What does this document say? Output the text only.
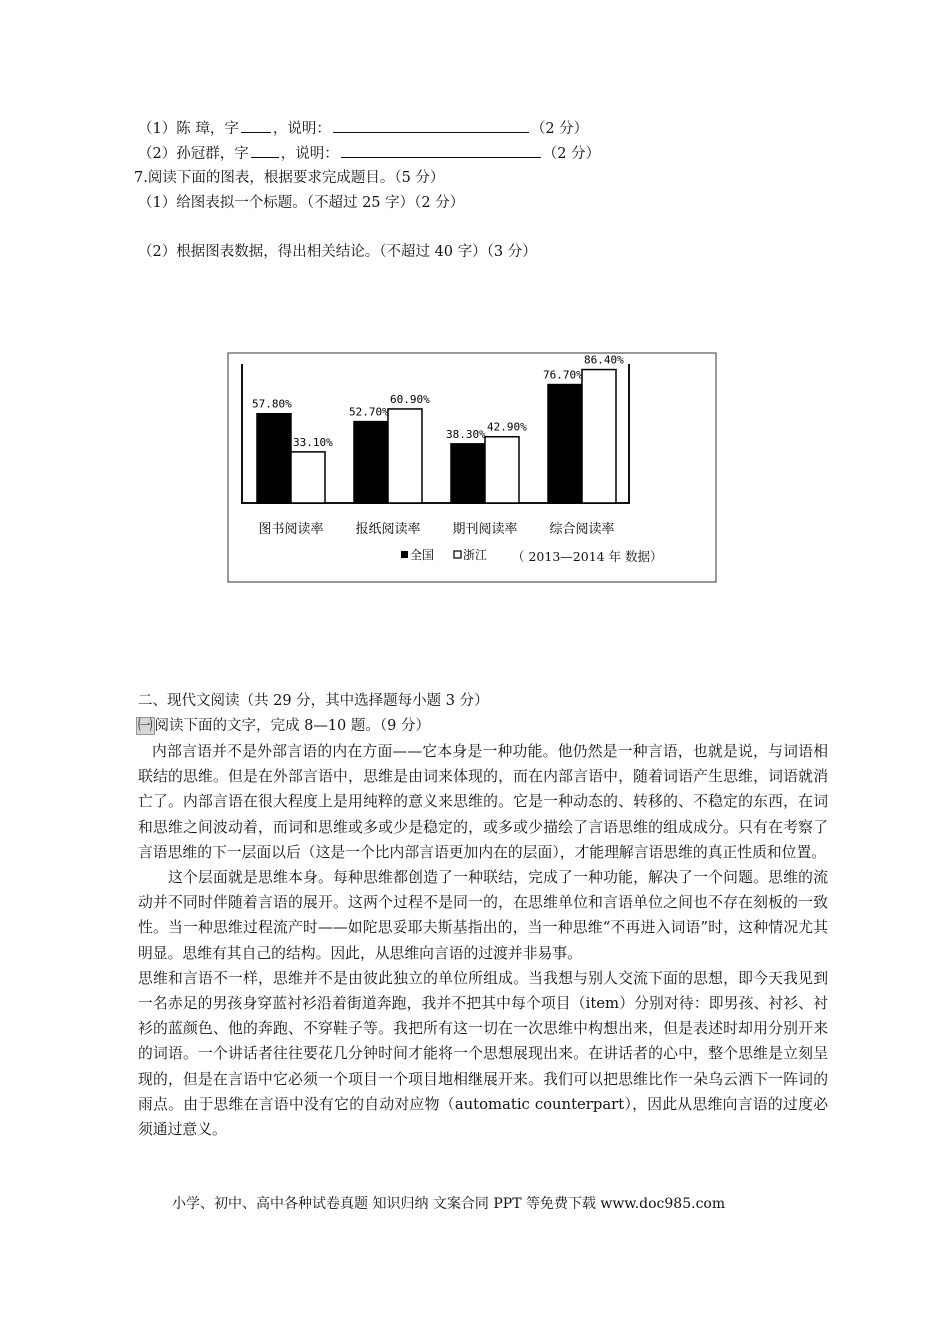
（1）陈 璋，字 ，说明：	（2 分）
（2）孙冠群，字 ，说明：	（2 分）
7.阅读下面的图表，根据要求完成题目。（5 分）
（1）给图表拟一个标题。（不超过 25 字）（2 分）
（2）根据图表数据，得出相关结论。（不超过 40 字）（3 分）
57.80%
33.10%
52.70%
60.90%
38.30%
42.90%
76.70%
86.40%
图书阅读率 报纸阅读率 期刊阅读率 综合阅读率
全国 浙江 （ 2013—2014 年 数据）
二、现代文阅读（共 29 分，其中选择题每小题 3 分）
㈠ 阅读下面的文字，完成 8—10 题。（9 分）

内部言语并不是外部言语的内在方面——它本身是一种功能。他仍然是一种言语，也就是说，与词语相联结的思维。但是在外部言语中，思维是由词来体现的，而在内部言语中，随着词语产生思维，词语就消亡了。内部言语在很大程度上是用纯粹的意义来思维的。它是一种动态的、转移的、不稳定的东西，在词和思维之间波动着，而词和思维或多或少是稳定的，或多或少描绘了言语思维的组成成分。只有在考察了言语思维的下一层面以后（这是一个比内部言语更加内在的层面），才能理解言语思维的真正性质和位置。

这个层面就是思维本身。每种思维都创造了一种联结，完成了一种功能，解决了一个问题。思维的流动并不同时伴随着言语的展开。这两个过程不是同一的，在思维单位和言语单位之间也不存在刻板的一致性。当一种思维过程流产时——如陀思妥耶夫斯基指出的，当一种思维“不再进入词语”时，这种情况尤其明显。思维有其自己的结构。因此，从思维向言语的过渡并非易事。

思维和言语不一样，思维并不是由彼此独立的单位所组成。当我想与别人交流下面的思想，即今天我见到一名赤足的男孩身穿蓝衬衫沿着街道奔跑，我并不把其中每个项目（item）分别对待：即男孩、衬衫、衬衫的蓝颜色、他的奔跑、不穿鞋子等。我把所有这一切在一次思维中构想出来，但是表述时却用分别开来的词语。一个讲话者往往要花几分钟时间才能将一个思想展现出来。在讲话者的心中，整个思维是立刻呈现的，但是在言语中它必须一个项目一个项目地相继展开来。我们可以把思维比作一朵乌云洒下一阵词的雨点。由于思维在言语中没有它的自动对应物（automatic counterpart），因此从思维向言语的过度必须通过意义。

小学、初中、高中各种试卷真题 知识归纳 文案合同 PPT 等免费下载 www.doc985.com
